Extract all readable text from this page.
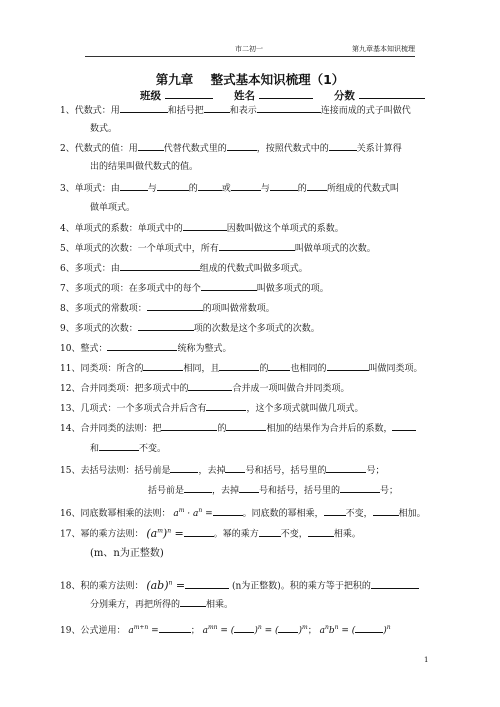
市二初一	第九章基本知识梳理
第九章    整式基本知识梳理（1）
班级	姓名	分数
1、代数式：用	和括号把	和表示	连接而成的式子叫做代
数式。
2、代数式的值：用	代替代数式里的	，按照代数式中的	关系计算得
出的结果叫做代数式的值。
3、单项式：由	与	的	或	与	的 所组成的代数式叫
做单项式。
4、单项式的系数：单项式中的	因数叫做这个单项式的系数。
5、单项式的次数：一个单项式中，所有	叫做单项式的次数。
6、多项式：由	组成的代数式叫做多项式。
7、多项式的项：在多项式中的每个	叫做多项式的项。
8、多项式的常数项：	的项叫做常数项。
9、多项式的次数：	项的次数是这个多项式的次数。
10、整式：	统称为整式。
11、同类项：所含的	相同，且	的 也相同的	叫做同类项。
12、合并同类项：把多项式中的	合并成一项叫做合并同类项。
13、几项式：一个多项式合并后含有	，这个多项式就叫做几项式。
14、合并同类的法则：把	的	相加的结果作为合并后的系数，
和	不变。
15、去括号法则：括号前是	，去掉 号和括号，括号里的	号；
括号前是	，去掉 号和括号，括号里的	号；
16、同底数幂相乘的法则： $a^m \cdot a^n$ =	。同底数的幂相乘， 不变，	相加。
17、幂的乘方法则： $(a^m)^n$ =	。幂的乘方 不变，	相乘。
(m、n为正整数)
18、积的乘方法则： (ab)$^n$ =	(n为正整数)。积的乘方等于把积的
分别乘方，再把所得的	相乘。
19、公式逆用： $a^{m+n}$ =	； $a^{mn}$ = ( )$^n$ = ( )$^m$； $a^nb^n$ = (	)$^n$
1
